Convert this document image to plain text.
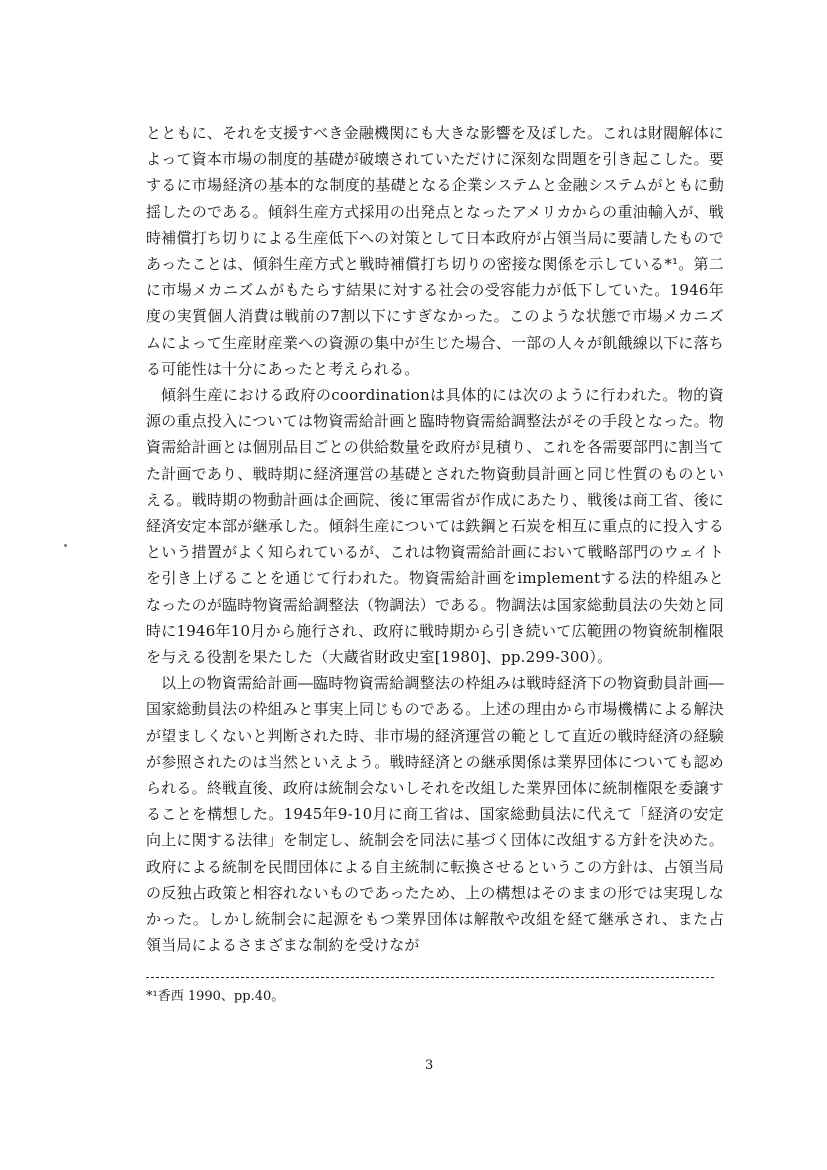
とともに、それを支援すべき金融機関にも大きな影響を及ぼした。これは財閥解体によって資本市場の制度的基礎が破壊されていただけに深刻な問題を引き起こした。要するに市場経済の基本的な制度的基礎となる企業システムと金融システムがともに動揺したのである。傾斜生産方式採用の出発点となったアメリカからの重油輸入が、戦時補償打ち切りによる生産低下への対策として日本政府が占領当局に要請したものであったことは、傾斜生産方式と戦時補償打ち切りの密接な関係を示している*¹。第二に市場メカニズムがもたらす結果に対する社会の受容能力が低下していた。1946年度の実質個人消費は戦前の7割以下にすぎなかった。このような状態で市場メカニズムによって生産財産業への資源の集中が生じた場合、一部の人々が飢餓線以下に落ちる可能性は十分にあったと考えられる。

傾斜生産における政府のcoordinationは具体的には次のように行われた。物的資源の重点投入については物資需給計画と臨時物資需給調整法がその手段となった。物資需給計画とは個別品目ごとの供給数量を政府が見積り、これを各需要部門に割当てた計画であり、戦時期に経済運営の基礎とされた物資動員計画と同じ性質のものといえる。戦時期の物動計画は企画院、後に軍需省が作成にあたり、戦後は商工省、後に経済安定本部が継承した。傾斜生産については鉄鋼と石炭を相互に重点的に投入するという措置がよく知られているが、これは物資需給計画において戦略部門のウェイトを引き上げることを通じて行われた。物資需給計画をimplementする法的枠組みとなったのが臨時物資需給調整法（物調法）である。物調法は国家総動員法の失効と同時に1946年10月から施行され、政府に戦時期から引き続いて広範囲の物資統制権限を与える役割を果たした（大蔵省財政史室[1980]、pp.299-300）。

以上の物資需給計画―臨時物資需給調整法の枠組みは戦時経済下の物資動員計画―国家総動員法の枠組みと事実上同じものである。上述の理由から市場機構による解決が望ましくないと判断された時、非市場的経済運営の範として直近の戦時経済の経験が参照されたのは当然といえよう。戦時経済との継承関係は業界団体についても認められる。終戦直後、政府は統制会ないしそれを改組した業界団体に統制権限を委譲することを構想した。1945年9-10月に商工省は、国家総動員法に代えて「経済の安定向上に関する法律」を制定し、統制会を同法に基づく団体に改組する方針を決めた。政府による統制を民間団体による自主統制に転換させるというこの方針は、占領当局の反独占政策と相容れないものであったため、上の構想はそのままの形では実現しなかった。しかし統制会に起源をもつ業界団体は解散や改組を経て継承され、また占領当局によるさまざまな制約を受けなが

*¹香西 1990、pp.40。
3
